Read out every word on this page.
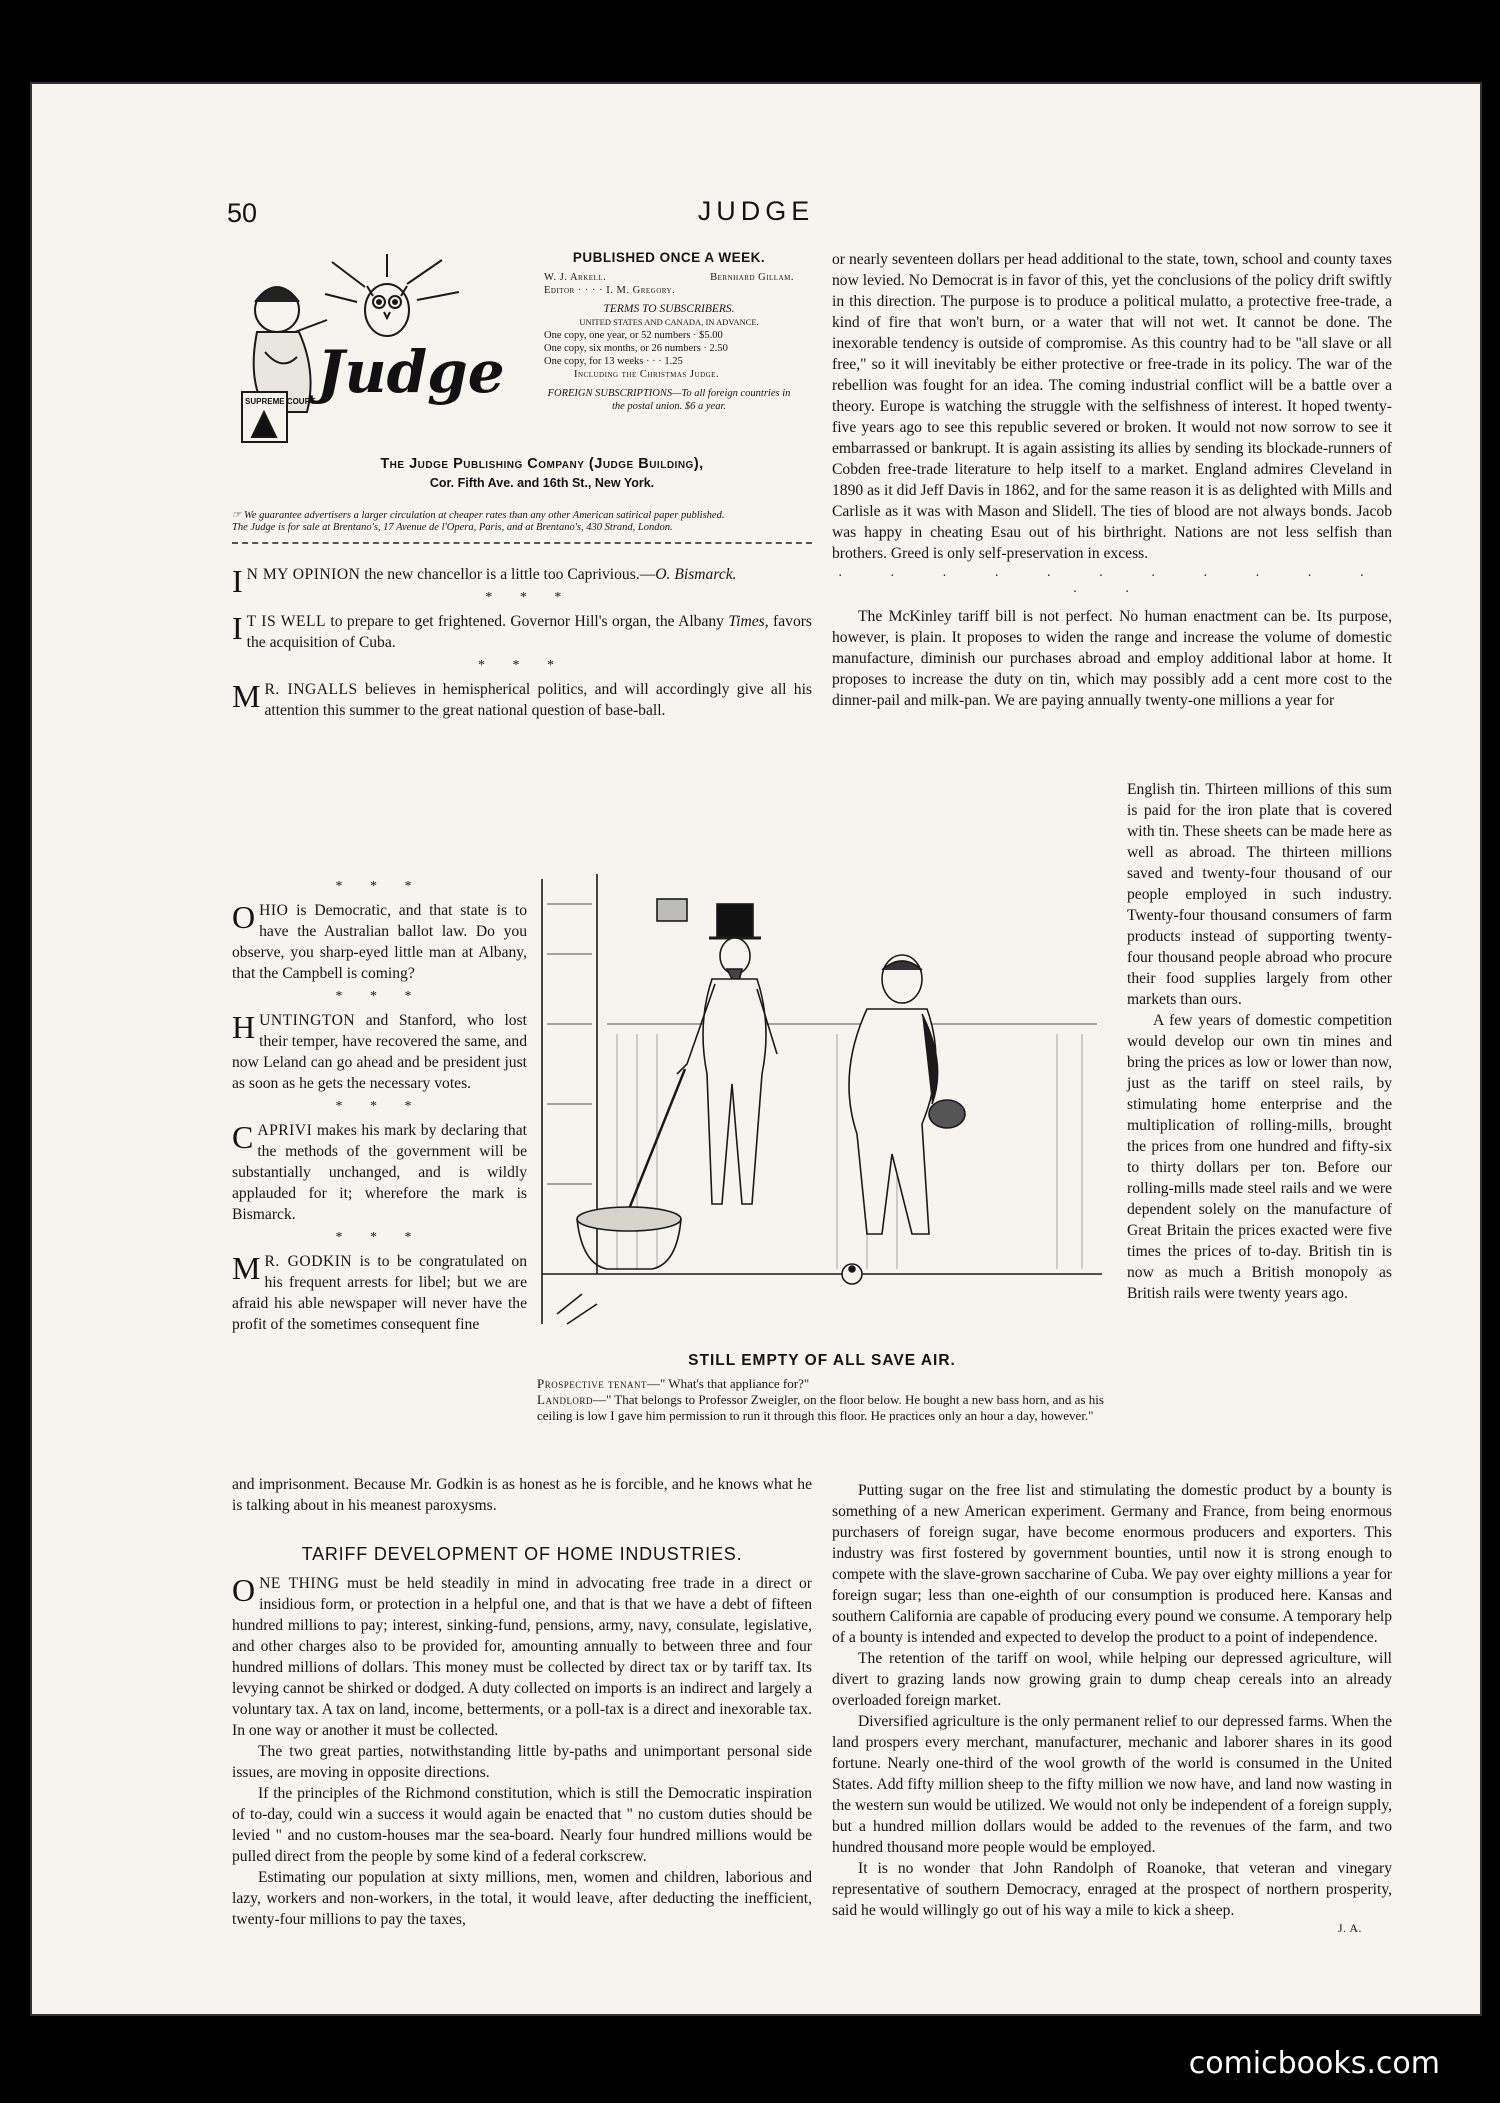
50	JUDGE
SUPREME COURT Judge
PUBLISHED ONCE A WEEK.
W. J. Arkell.	Bernhard Gillam.
Editor · · · · I. M. Gregory.
TERMS TO SUBSCRIBERS.
UNITED STATES AND CANADA, IN ADVANCE.
One copy, one year, or 52 numbers · $5.00
One copy, six months, or 26 numbers · 2.50
One copy, for 13 weeks · · · 1.25
Including the Christmas Judge.
FOREIGN SUBSCRIPTIONS—To all foreign countries in the postal union. $6 a year.
The Judge Publishing Company (Judge Building),
Cor. Fifth Ave. and 16th St., New York.
☞ We guarantee advertisers a larger circulation at cheaper rates than any other American satirical paper published.
The Judge is for sale at Brentano's, 17 Avenue de l'Opera, Paris, and at Brentano's, 430 Strand, London.

I N MY OPINION the new chancellor is a little too Caprivious.—O. Bismarck.

* * *

I T IS WELL to prepare to get frightened. Governor Hill's organ, the Albany Times, favors the acquisition of Cuba.

* * *

M R. INGALLS believes in hemispherical politics, and will accordingly give all his attention this summer to the great national question of base-ball.

* * *

OHIO is Democratic, and that state is to have the Australian ballot law. Do you observe, you sharp-eyed little man at Albany, that the Campbell is coming?

* * *

HUNTINGTON and Stanford, who lost their temper, have recovered the same, and now Leland can go ahead and be president just as soon as he gets the necessary votes.

* * *

CAPRIVI makes his mark by declaring that the methods of the government will be substantially unchanged, and is wildly applauded for it; wherefore the mark is Bismarck.

* * *

M R. GODKIN is to be congratulated on his frequent arrests for libel; but we are afraid his able newspaper will never have the profit of the sometimes consequent fine

and imprisonment. Because Mr. Godkin is as honest as he is forcible, and he knows what he is talking about in his meanest paroxysms.

STILL EMPTY OF ALL SAVE AIR.
Prospective tenant—" What's that appliance for?"
Landlord—" That belongs to Professor Zweigler, on the floor below. He bought a new bass horn, and as his ceiling is low I gave him permission to run it through this floor. He practices only an hour a day, however."
TARIFF DEVELOPMENT OF HOME INDUSTRIES.

ONE THING must be held steadily in mind in advocating free trade in a direct or insidious form, or protection in a helpful one, and that is that we have a debt of fifteen hundred millions to pay; interest, sinking-fund, pensions, army, navy, consulate, legislative, and other charges also to be provided for, amounting annually to between three and four hundred millions of dollars. This money must be collected by direct tax or by tariff tax. Its levying cannot be shirked or dodged. A duty collected on imports is an indirect and largely a voluntary tax. A tax on land, income, betterments, or a poll-tax is a direct and inexorable tax. In one way or another it must be collected.

The two great parties, notwithstanding little by-paths and unimportant personal side issues, are moving in opposite directions.

If the principles of the Richmond constitution, which is still the Democratic inspiration of to-day, could win a success it would again be enacted that " no custom duties should be levied " and no custom-houses mar the sea-board. Nearly four hundred millions would be pulled direct from the people by some kind of a federal corkscrew.

Estimating our population at sixty millions, men, women and children, laborious and lazy, workers and non-workers, in the total, it would leave, after deducting the inefficient, twenty-four millions to pay the taxes,

or nearly seventeen dollars per head additional to the state, town, school and county taxes now levied. No Democrat is in favor of this, yet the conclusions of the policy drift swiftly in this direction. The purpose is to produce a political mulatto, a protective free-trade, a kind of fire that won't burn, or a water that will not wet. It cannot be done. The inexorable tendency is outside of compromise. As this country had to be "all slave or all free," so it will inevitably be either protective or free-trade in its policy. The war of the rebellion was fought for an idea. The coming industrial conflict will be a battle over a theory. Europe is watching the struggle with the selfishness of interest. It hoped twenty-five years ago to see this republic severed or broken. It would not now sorrow to see it embarrassed or bankrupt. It is again assisting its allies by sending its blockade-runners of Cobden free-trade literature to help itself to a market. England admires Cleveland in 1890 as it did Jeff Davis in 1862, and for the same reason it is as delighted with Mills and Carlisle as it was with Mason and Slidell. The ties of blood are not always bonds. Jacob was happy in cheating Esau out of his birthright. Nations are not less selfish than brothers. Greed is only self-preservation in excess.

· · · · · · · · · · · · ·

The McKinley tariff bill is not perfect. No human enactment can be. Its purpose, however, is plain. It proposes to widen the range and increase the volume of domestic manufacture, diminish our purchases abroad and employ additional labor at home. It proposes to increase the duty on tin, which may possibly add a cent more cost to the dinner-pail and milk-pan. We are paying annually twenty-one millions a year for

English tin. Thirteen millions of this sum is paid for the iron plate that is covered with tin. These sheets can be made here as well as abroad. The thirteen millions saved and twenty-four thousand of our people employed in such industry. Twenty-four thousand consumers of farm products instead of supporting twenty-four thousand people abroad who procure their food supplies largely from other markets than ours.

A few years of domestic competition would develop our own tin mines and bring the prices as low or lower than now, just as the tariff on steel rails, by stimulating home enterprise and the multiplication of rolling-mills, brought the prices from one hundred and fifty-six to thirty dollars per ton. Before our rolling-mills made steel rails and we were dependent solely on the manufacture of Great Britain the prices exacted were five times the prices of to-day. British tin is now as much a British monopoly as British rails were twenty years ago.

Putting sugar on the free list and stimulating the domestic product by a bounty is something of a new American experiment. Germany and France, from being enormous purchasers of foreign sugar, have become enormous producers and exporters. This industry was first fostered by government bounties, until now it is strong enough to compete with the slave-grown saccharine of Cuba. We pay over eighty millions a year for foreign sugar; less than one-eighth of our consumption is produced here. Kansas and southern California are capable of producing every pound we consume. A temporary help of a bounty is intended and expected to develop the product to a point of independence.

The retention of the tariff on wool, while helping our depressed agriculture, will divert to grazing lands now growing grain to dump cheap cereals into an already overloaded foreign market.

Diversified agriculture is the only permanent relief to our depressed farms. When the land prospers every merchant, manufacturer, mechanic and laborer shares in its good fortune. Nearly one-third of the wool growth of the world is consumed in the United States. Add fifty million sheep to the fifty million we now have, and land now wasting in the western sun would be utilized. We would not only be independent of a foreign supply, but a hundred million dollars would be added to the revenues of the farm, and two hundred thousand more people would be employed.

It is no wonder that John Randolph of Roanoke, that veteran and vinegary representative of southern Democracy, enraged at the prospect of northern prosperity, said he would willingly go out of his way a mile to kick a sheep.

J. A.
comicbooks.com
